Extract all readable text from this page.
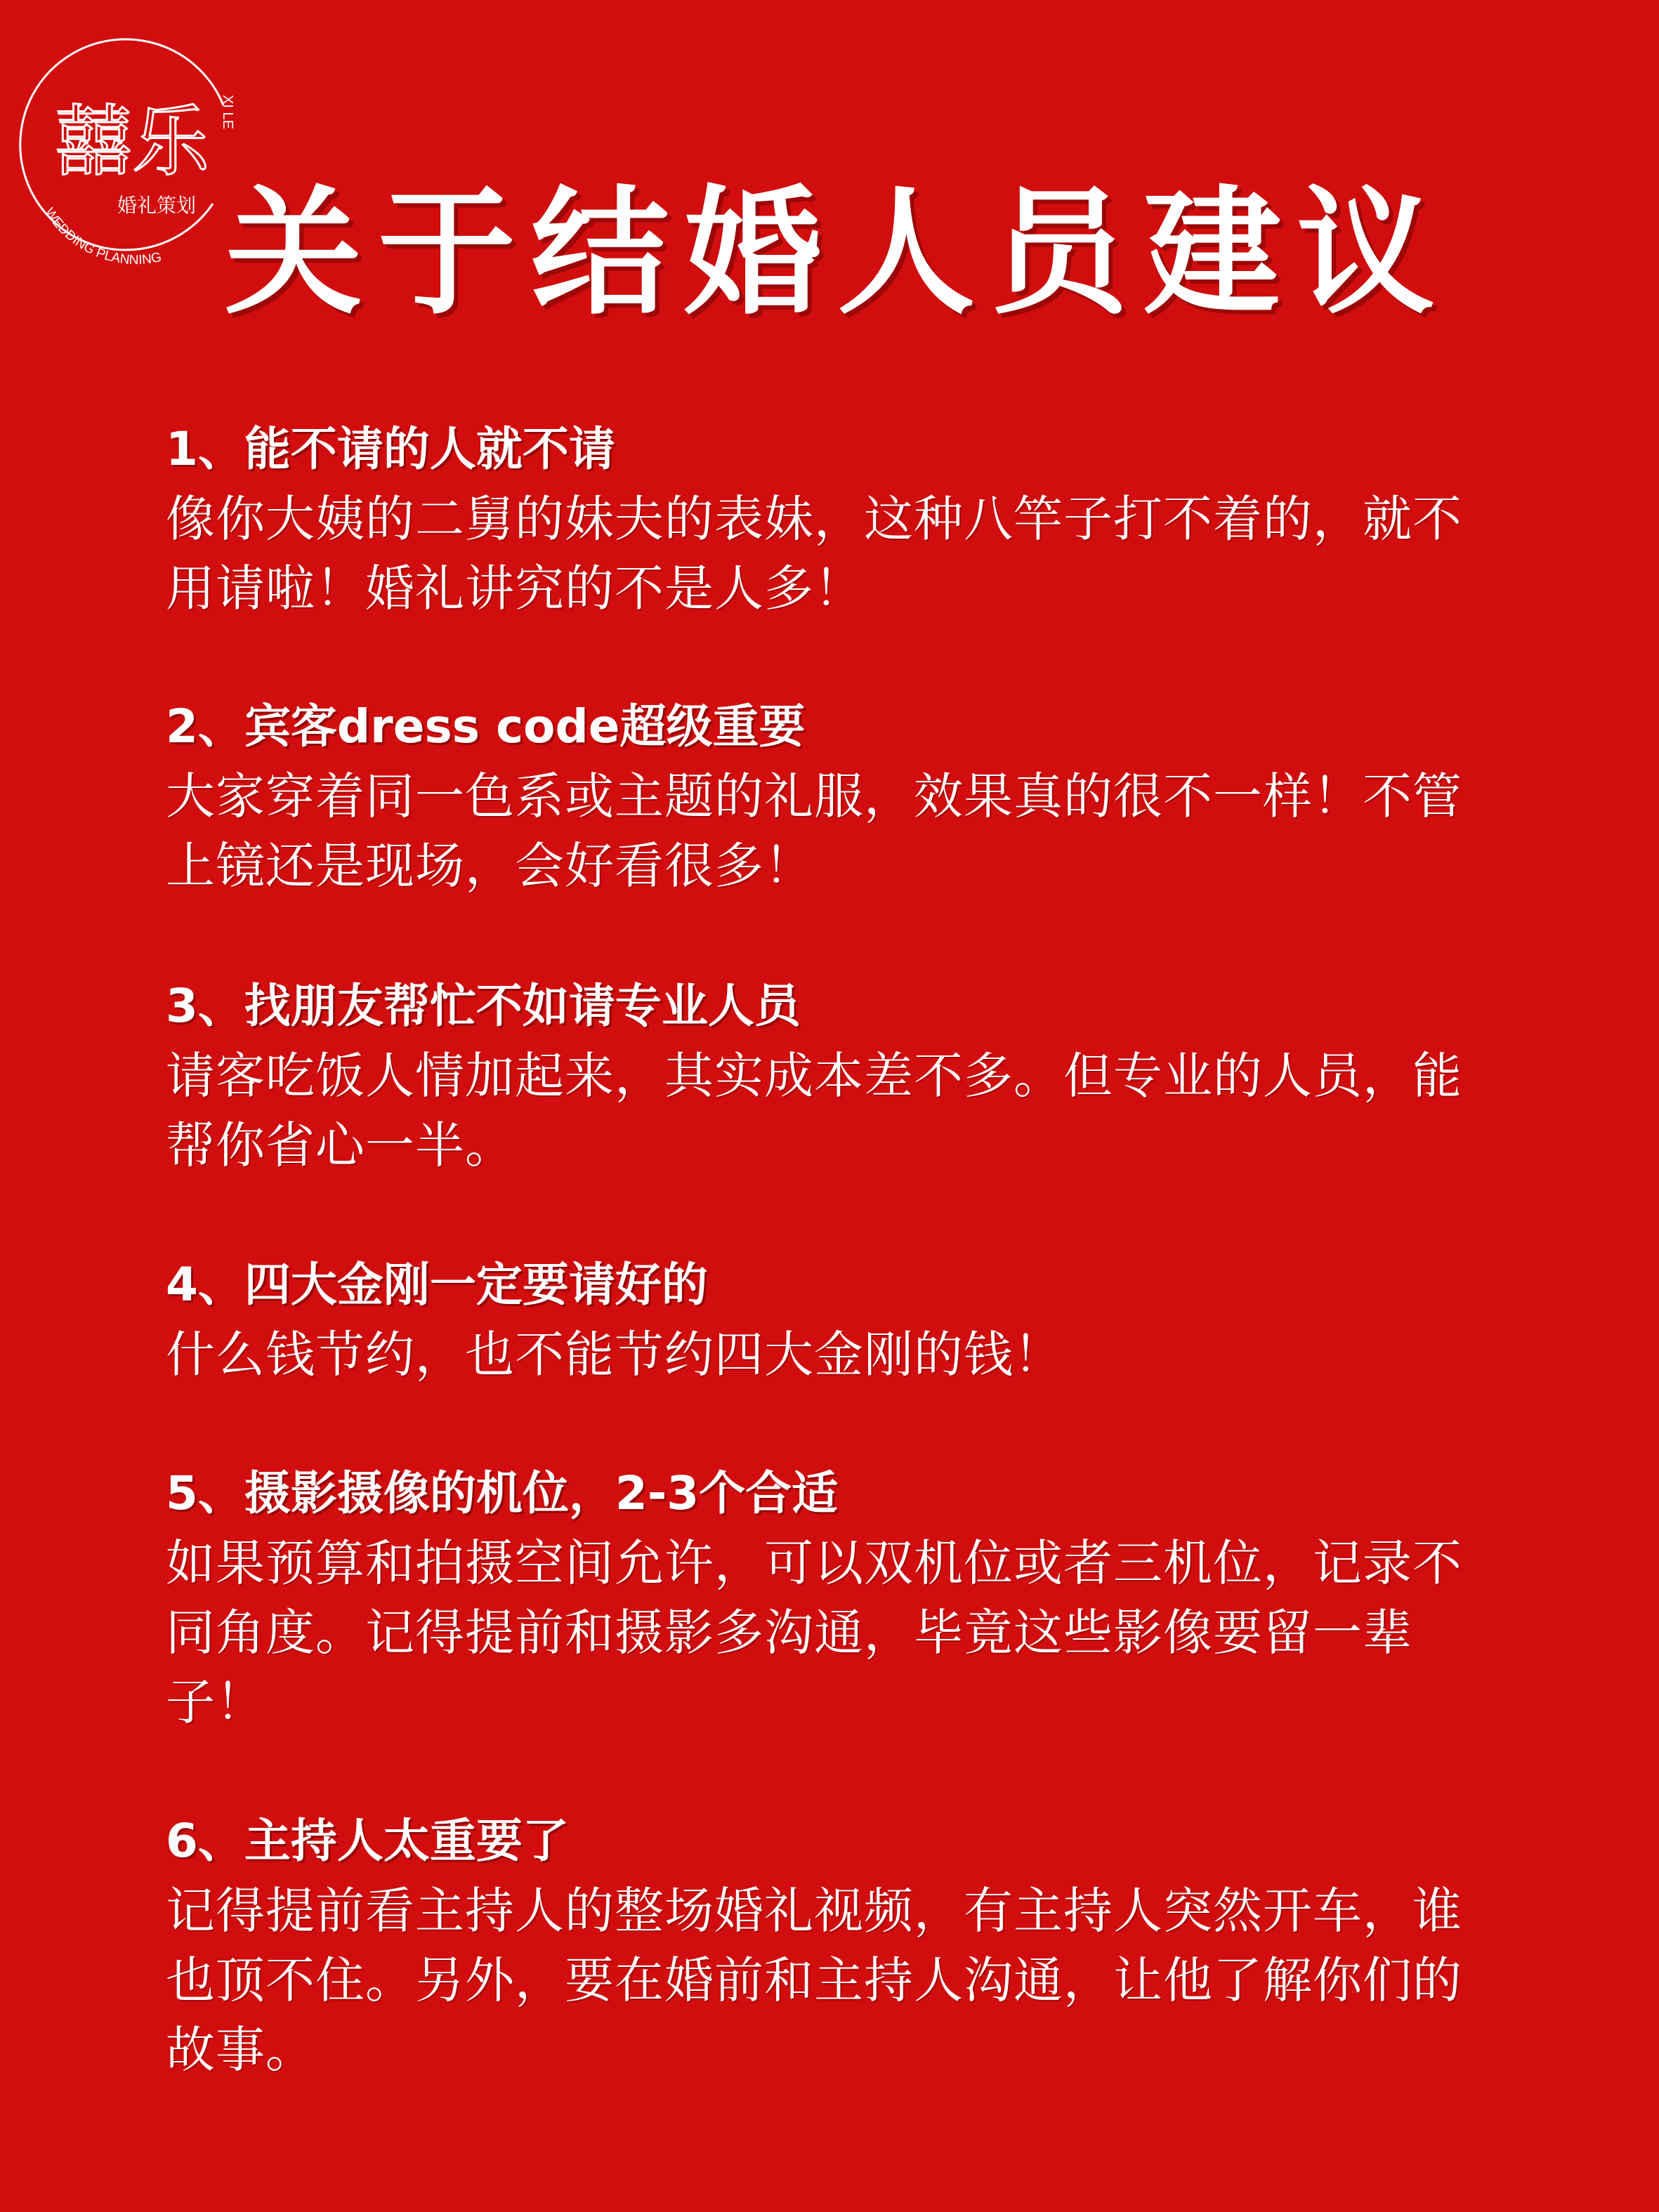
XI LE
囍乐
婚礼策划
WEDDING PLANNING 关于结婚人员建议
1、能不请的人就不请
像你大姨的二舅的妹夫的表妹，这种八竿子打不着的，就不用请啦！婚礼讲究的不是人多！
2、宾客dress code超级重要
大家穿着同一色系或主题的礼服，效果真的很不一样！不管上镜还是现场，会好看很多！
3、找朋友帮忙不如请专业人员
请客吃饭人情加起来，其实成本差不多。但专业的人员，能帮你省心一半。
4、四大金刚一定要请好的
什么钱节约，也不能节约四大金刚的钱！
5、摄影摄像的机位，2-3个合适
如果预算和拍摄空间允许，可以双机位或者三机位，记录不同角度。记得提前和摄影多沟通，毕竟这些影像要留一辈子！
6、主持人太重要了
记得提前看主持人的整场婚礼视频，有主持人突然开车，谁也顶不住。另外，要在婚前和主持人沟通，让他了解你们的故事。
